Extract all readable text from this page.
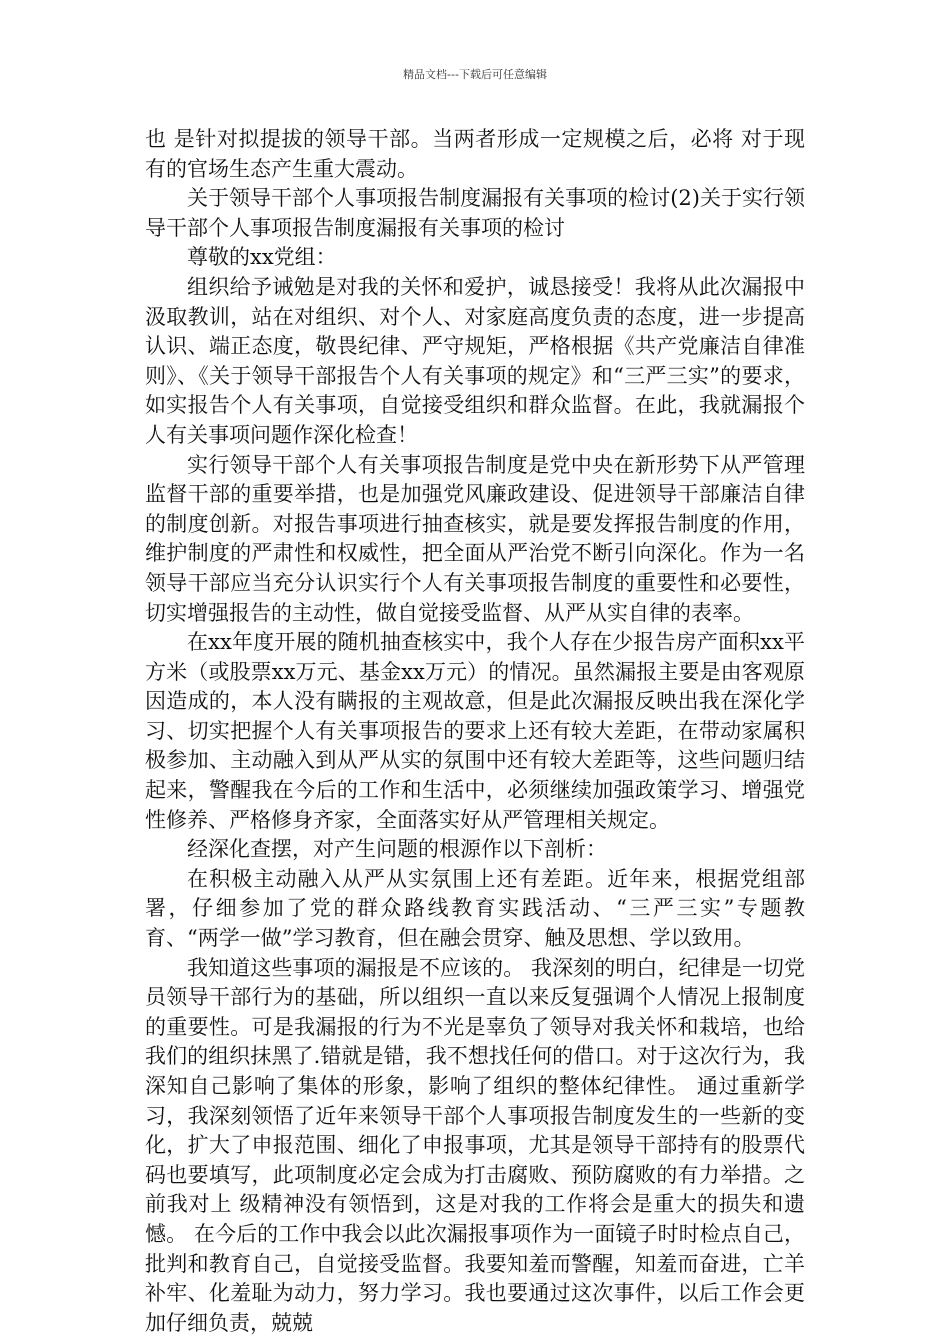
精品文档---下载后可任意编辑

也 是针对拟提拔的领导干部。当两者形成一定规模之后，必将 对于现有的官场生态产生重大震动。

关于领导干部个人事项报告制度漏报有关事项的检讨(2)关于实行领导干部个人事项报告制度漏报有关事项的检讨

尊敬的xx党组：

组织给予诫勉是对我的关怀和爱护，诚恳接受！我将从此次漏报中汲取教训，站在对组织、对个人、对家庭高度负责的态度，进一步提高认识、端正态度，敬畏纪律、严守规矩，严格根据《共产党廉洁自律准则》、《关于领导干部报告个人有关事项的规定》和“三严三实”的要求，如实报告个人有关事项，自觉接受组织和群众监督。在此，我就漏报个人有关事项问题作深化检查！

实行领导干部个人有关事项报告制度是党中央在新形势下从严管理监督干部的重要举措，也是加强党风廉政建设、促进领导干部廉洁自律的制度创新。对报告事项进行抽查核实，就是要发挥报告制度的作用，维护制度的严肃性和权威性，把全面从严治党不断引向深化。作为一名领导干部应当充分认识实行个人有关事项报告制度的重要性和必要性，切实增强报告的主动性，做自觉接受监督、从严从实自律的表率。

在xx年度开展的随机抽查核实中，我个人存在少报告房产面积xx平方米（或股票xx万元、基金xx万元）的情况。虽然漏报主要是由客观原因造成的，本人没有瞒报的主观故意，但是此次漏报反映出我在深化学习、切实把握个人有关事项报告的要求上还有较大差距，在带动家属积极参加、主动融入到从严从实的氛围中还有较大差距等，这些问题归结起来，警醒我在今后的工作和生活中，必须继续加强政策学习、增强党性修养、严格修身齐家，全面落实好从严管理相关规定。

经深化查摆，对产生问题的根源作以下剖析：

在积极主动融入从严从实氛围上还有差距。近年来，根据党组部署，仔细参加了党的群众路线教育实践活动、“三严三实”专题教育、“两学一做”学习教育，但在融会贯穿、触及思想、学以致用。

我知道这些事项的漏报是不应该的。 我深刻的明白，纪律是一切党员领导干部行为的基础，所以组织一直以来反复强调个人情况上报制度的重要性。可是我漏报的行为不光是辜负了领导对我关怀和栽培，也给我们的组织抹黑了.错就是错，我不想找任何的借口。对于这次行为，我深知自己影响了集体的形象，影响了组织的整体纪律性。 通过重新学习，我深刻领悟了近年来领导干部个人事项报告制度发生的一些新的变化，扩大了申报范围、细化了申报事项，尤其是领导干部持有的股票代码也要填写，此项制度必定会成为打击腐败、预防腐败的有力举措。之前我对上 级精神没有领悟到，这是对我的工作将会是重大的损失和遗憾。 在今后的工作中我会以此次漏报事项作为一面镜子时时检点自己，批判和教育自己，自觉接受监督。我要知羞而警醒，知羞而奋进，亡羊补牢、化羞耻为动力，努力学习。我也要通过这次事件，以后工作会更加仔细负责，兢兢
